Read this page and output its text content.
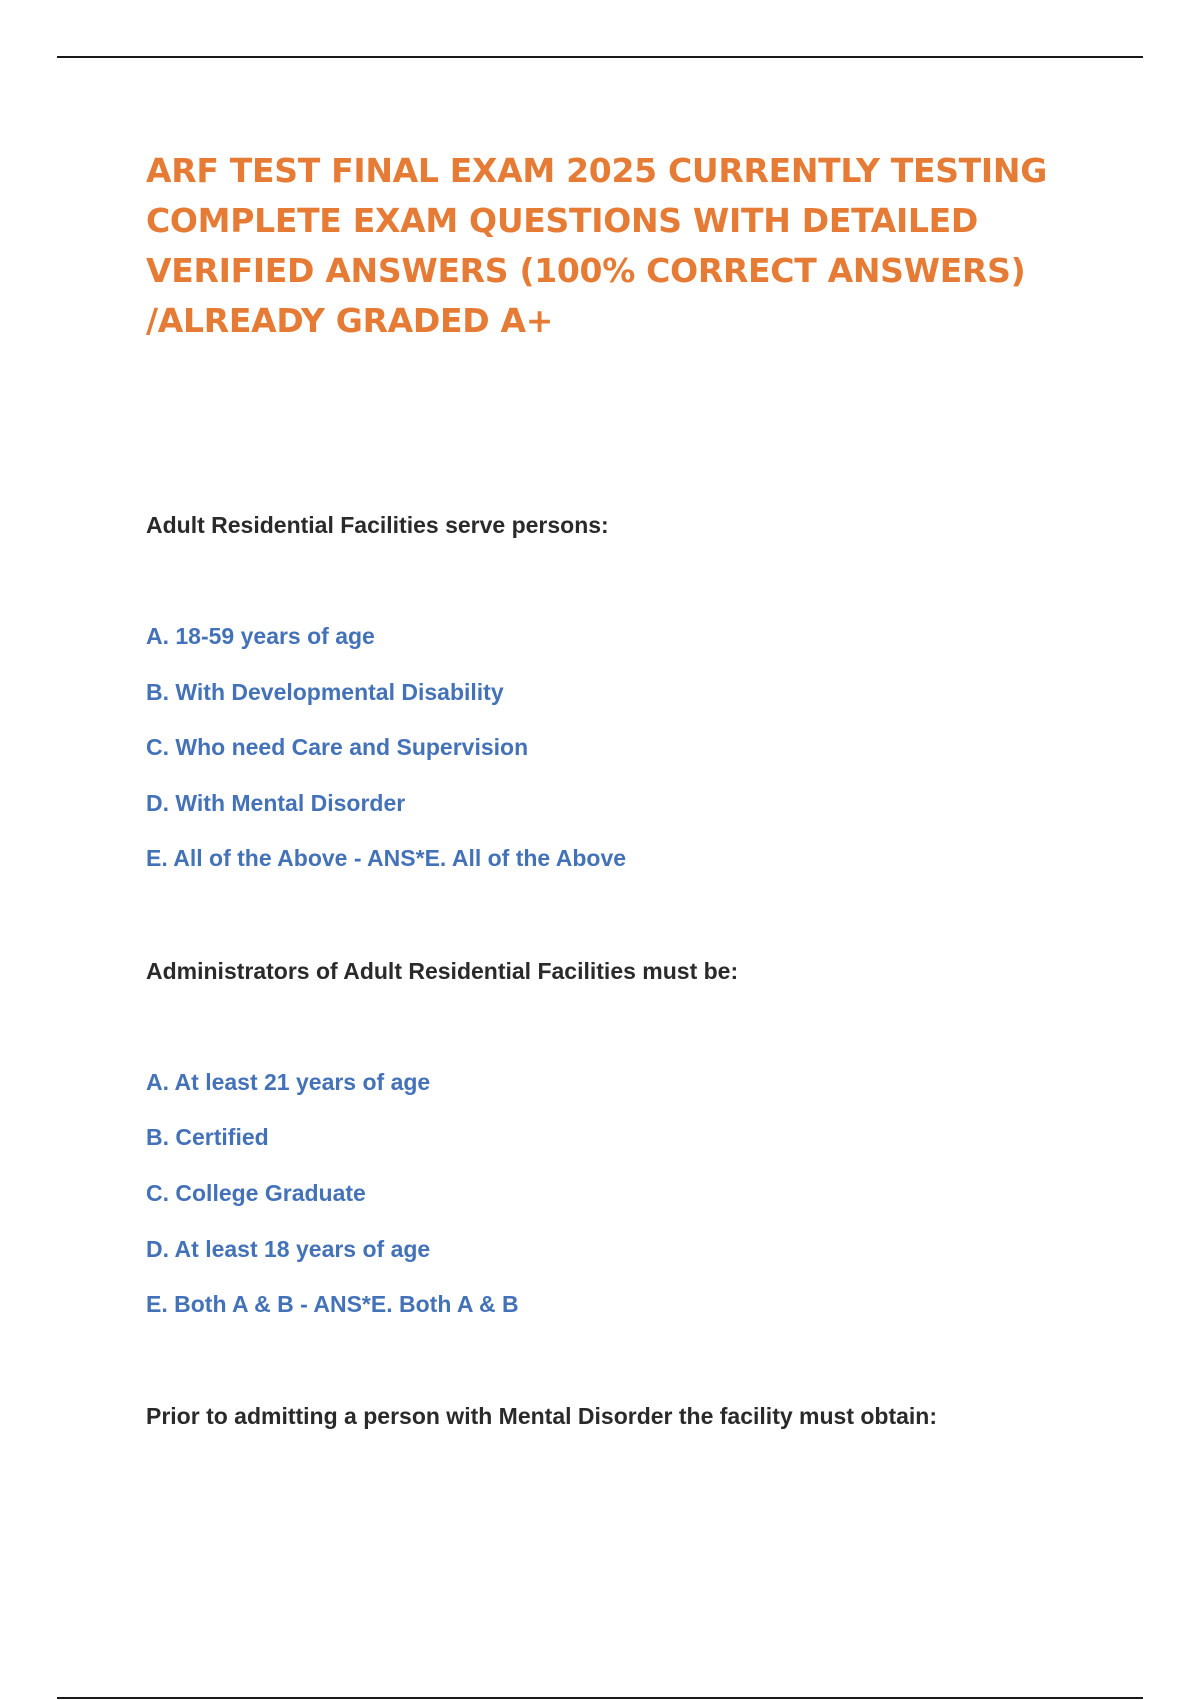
ARF TEST FINAL EXAM 2025 CURRENTLY TESTING
COMPLETE EXAM QUESTIONS WITH DETAILED
VERIFIED ANSWERS (100% CORRECT ANSWERS)
/ALREADY GRADED A+

Adult Residential Facilities serve persons:

A. 18-59 years of age

B. With Developmental Disability

C. Who need Care and Supervision

D. With Mental Disorder

E. All of the Above - ANS*E. All of the Above

Administrators of Adult Residential Facilities must be:

A. At least 21 years of age

B. Certified

C. College Graduate

D. At least 18 years of age

E. Both A & B - ANS*E. Both A & B

Prior to admitting a person with Mental Disorder the facility must obtain:
